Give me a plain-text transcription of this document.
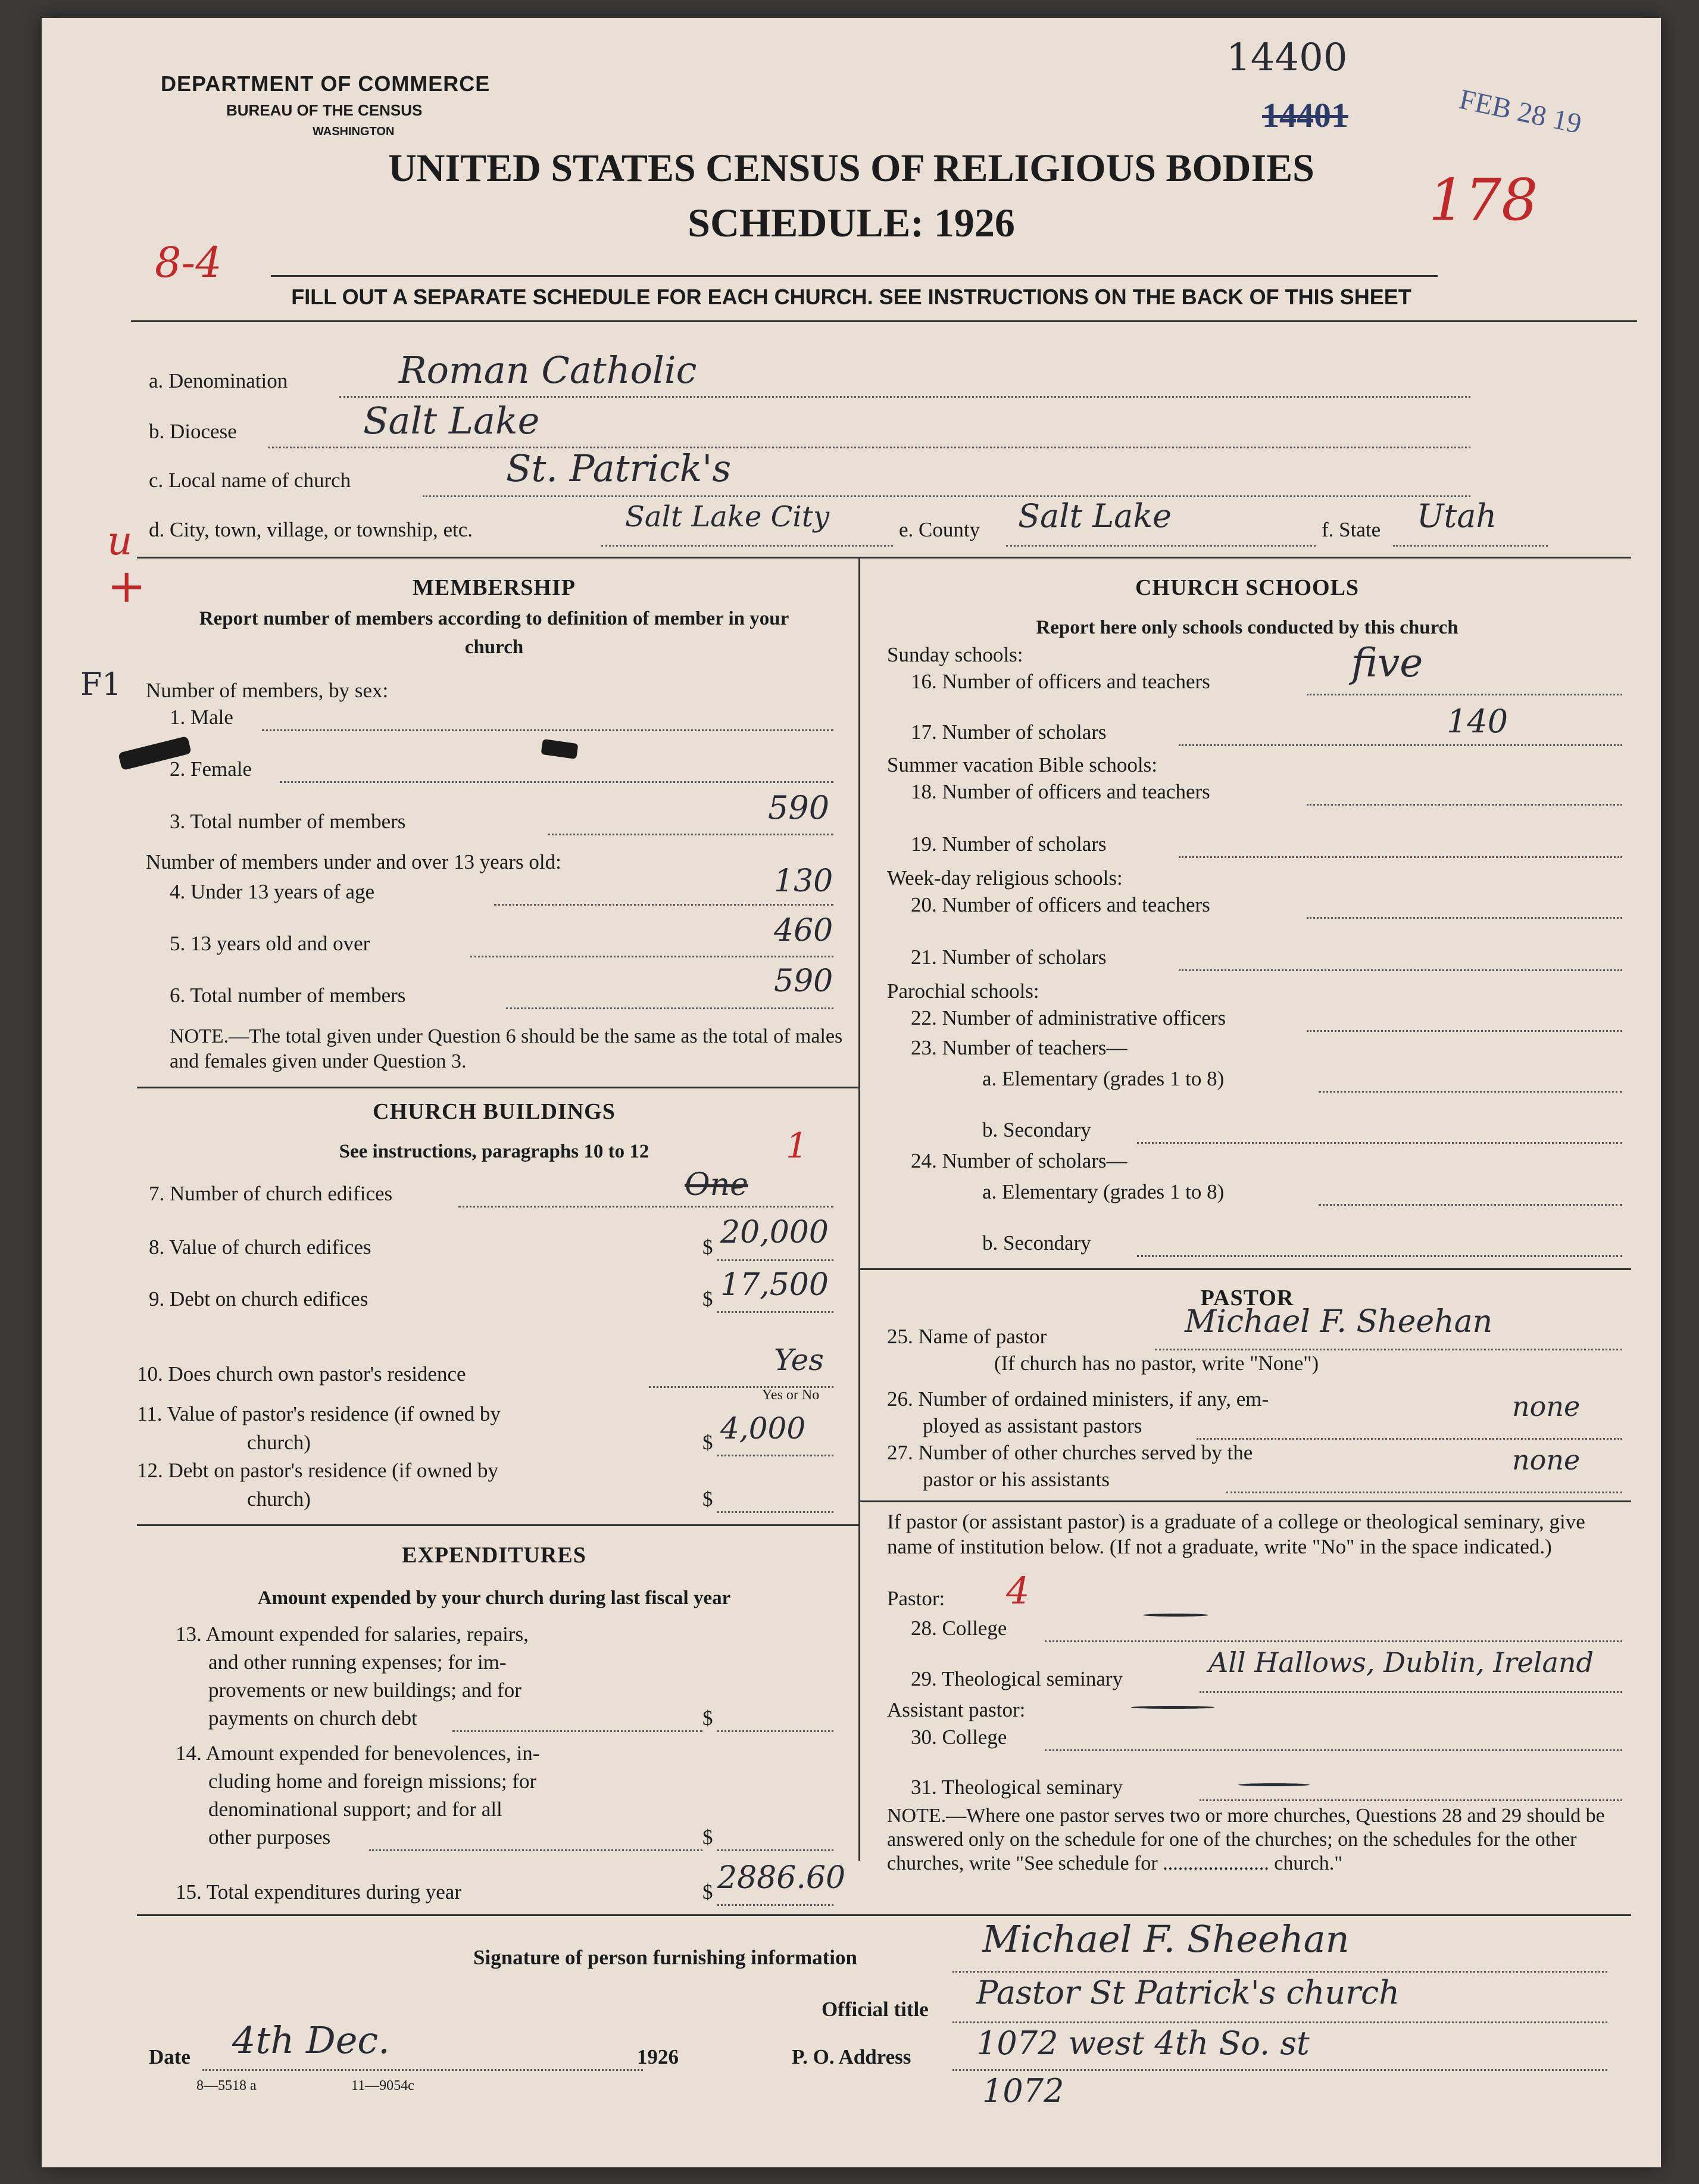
DEPARTMENT OF COMMERCE
BUREAU OF THE CENSUS
WASHINGTON
UNITED STATES CENSUS OF RELIGIOUS BODIES
SCHEDULE: 1926
FILL OUT A SEPARATE SCHEDULE FOR EACH CHURCH. SEE INSTRUCTIONS ON THE BACK OF THIS SHEET
14400
14401	FEB 28 19
178
8-4
u
+
F1
a. Denomination	Roman Catholic
b. Diocese	Salt Lake
c. Local name of church	St. Patrick's
d. City, town, village, or township, etc.	Salt Lake City	e. County Salt Lake	f. State Utah
MEMBERSHIP
Report number of members according to definition of member in your church
Number of members, by sex:
1. Male
2. Female
3. Total number of members	590
Number of members under and over 13 years old:
4. Under 13 years of age	130
5. 13 years old and over	460
6. Total number of members	590
NOTE.—The total given under Question 6 should be the same as the total of males and females given under Question 3.
CHURCH BUILDINGS
See instructions, paragraphs 10 to 12	1
7. Number of church edifices	One
8. Value of church edifices	$ 20,000
9. Debt on church edifices	$ 17,500
10. Does church own pastor's residence	Yes
Yes or No
11. Value of pastor's residence (if owned by
church)	$ 4,000
12. Debt on pastor's residence (if owned by
church)	$
EXPENDITURES
Amount expended by your church during last fiscal year
13. Amount expended for salaries, repairs,
and other running expenses; for im-
provements or new buildings; and for
payments on church debt	$
14. Amount expended for benevolences, in-
cluding home and foreign missions; for
denominational support; and for all
other purposes	$
15. Total expenditures during year	$ 2886.60
CHURCH SCHOOLS
Report here only schools conducted by this church
Sunday schools:
16. Number of officers and teachers	five
17. Number of scholars	140
Summer vacation Bible schools:
18. Number of officers and teachers
19. Number of scholars
Week-day religious schools:
20. Number of officers and teachers
21. Number of scholars
Parochial schools:
22. Number of administrative officers
23. Number of teachers—
a. Elementary (grades 1 to 8)
b. Secondary
24. Number of scholars—
a. Elementary (grades 1 to 8)
b. Secondary
PASTOR
25. Name of pastor	Michael F. Sheehan
(If church has no pastor, write "None")
26. Number of ordained ministers, if any, em-
ployed as assistant pastors
none
27. Number of other churches served by the
pastor or his assistants
none
If pastor (or assistant pastor) is a graduate of a college or theological seminary, give name of institution below. (If not a graduate, write "No" in the space indicated.)
Pastor: 4
28. College
29. Theological seminary
All Hallows, Dublin, Ireland
Assistant pastor:
30. College
31. Theological seminary
NOTE.—Where one pastor serves two or more churches, Questions 28 and 29 should be answered only on the schedule for one of the churches; on the schedules for the other churches, write "See schedule for ..................... church."
Signature of person furnishing information	Michael F. Sheehan
Official title Pastor St Patrick's church
Date 4th Dec.	1926	P. O. Address 1072 west 4th So. st
1072
8—5518 a	11—9054c
